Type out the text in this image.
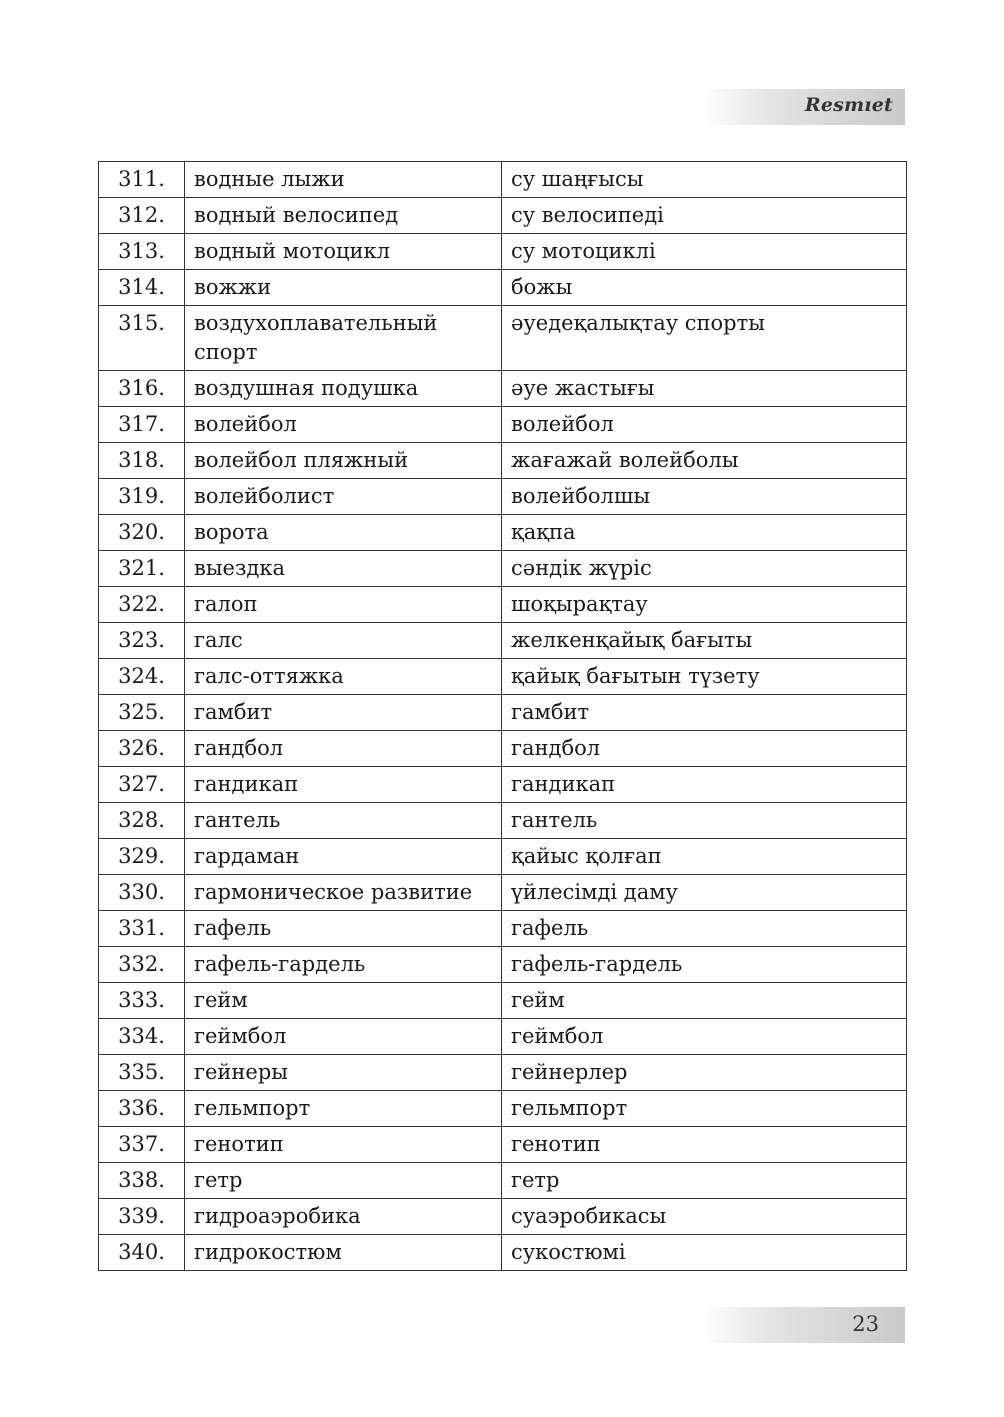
Resmıet
311.	водные лыжи	су шаңғысы
312.	водный велосипед	су велосипеді
313.	водный мотоцикл	су мотоциклі
314.	вожжи	божы
315.	воздухоплавательный спорт	әуедеқалықтау спорты
316.	воздушная подушка	әуе жастығы
317.	волейбол	волейбол
318.	волейбол пляжный	жағажай волейболы
319.	волейболист	волейболшы
320.	ворота	қақпа
321.	выездка	сәндік жүріс
322.	галоп	шоқырақтау
323.	галс	желкенқайық бағыты
324.	галс-оттяжка	қайық бағытын түзету
325.	гамбит	гамбит
326.	гандбол	гандбол
327.	гандикап	гандикап
328.	гантель	гантель
329.	гардаман	қайыс қолғап
330.	гармоническое развитие	үйлесімді даму
331.	гафель	гафель
332.	гафель-гардель	гафель-гардель
333.	гейм	гейм
334.	геймбол	геймбол
335.	гейнеры	гейнерлер
336.	гельмпорт	гельмпорт
337.	генотип	генотип
338.	гетр	гетр
339.	гидроаэробика	суаэробикасы
340.	гидрокостюм	сукостюмі
23
